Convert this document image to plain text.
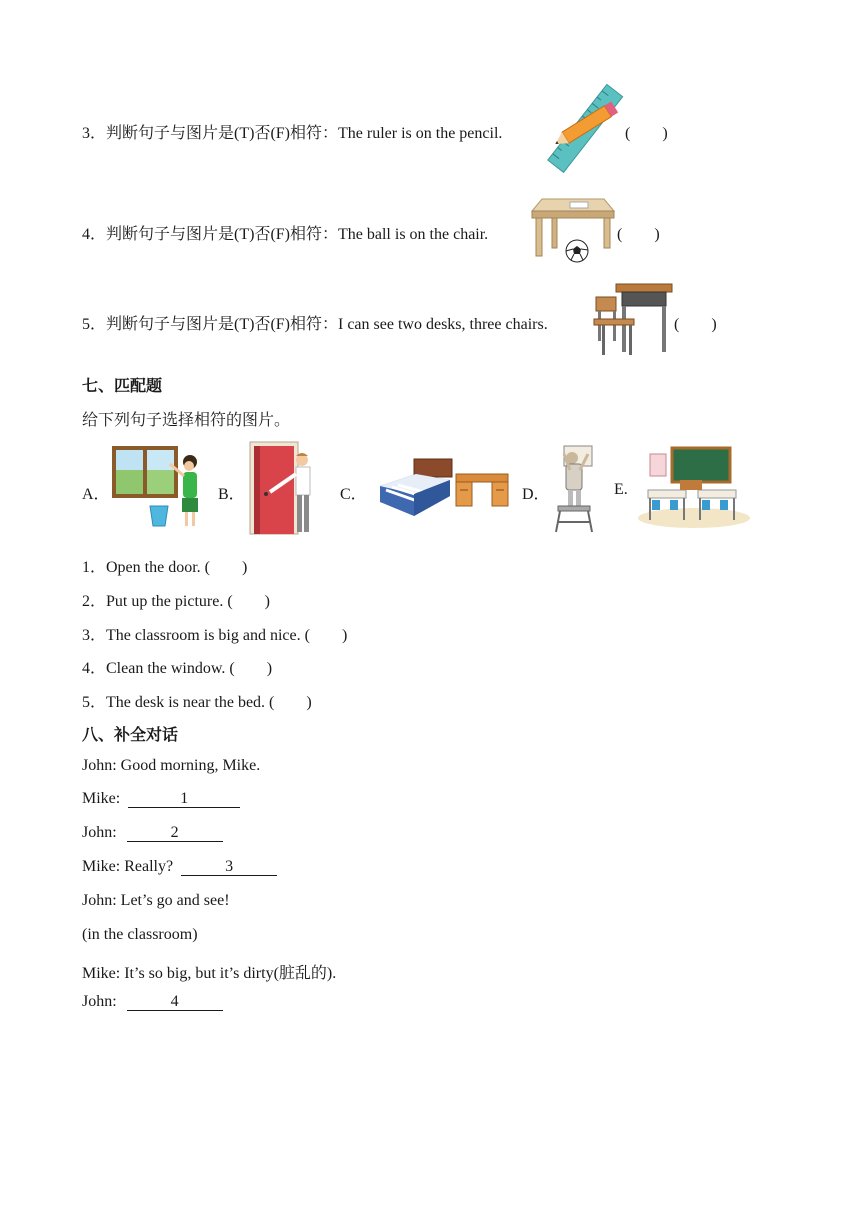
3．判断句子与图片是(T)否(F)相符：The ruler is on the pencil.	(　　)
4．判断句子与图片是(T)否(F)相符：The ball is on the chair.	(　　)
5．判断句子与图片是(T)否(F)相符：I can see two desks, three chairs.	(　　)
七、匹配题
给下列句子选择相符的图片。
A．	B．	C．	D．	E.
1．Open the door. (　　)
2．Put up the picture. (　　)
3．The classroom is big and nice. (　　)
4．Clean the window. (　　)
5．The desk is near the bed. (　　)
八、补全对话
John: Good morning, Mike.
Mike:	1
John:	2
Mike: Really?	3
John: Let’s go and see!
(in the classroom)
Mike: It’s so big, but it’s dirty(脏乱的).
John:	4
